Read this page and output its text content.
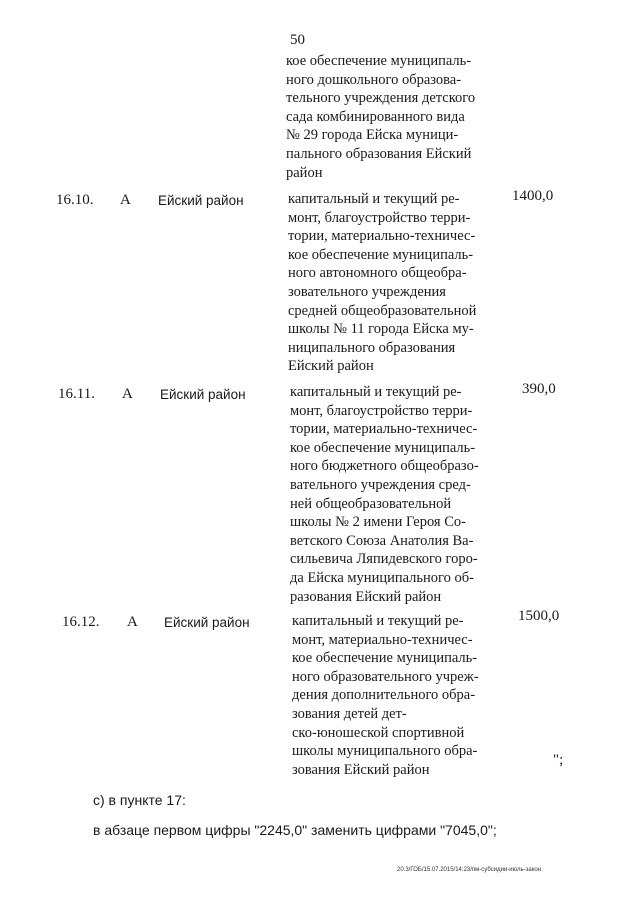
50
кое обеспечение муниципаль-
ного дошкольного образова-
тельного учреждения детского
сада комбинированного вида
№ 29 города Ейска муници-
пального образования Ейский
район
16.10. А Ейский район	капитальный и текущий ре-
монт, благоустройство терри-
тории, материально-техничес-
кое обеспечение муниципаль-
ного автономного общеобра-
зовательного учреждения
средней общеобразовательной
школы № 11 города Ейска му-
ниципального образования
Ейский район
1400,0
16.11. А Ейский район	капитальный и текущий ре-
монт, благоустройство терри-
тории, материально-техничес-
кое обеспечение муниципаль-
ного бюджетного общеобразо-
вательного учреждения сред-
ней общеобразовательной
школы № 2 имени Героя Со-
ветского Союза Анатолия Ва-
сильевича Ляпидевского горо-
да Ейска муниципального об-
разования Ейский район
390,0
16.12. А Ейский район	капитальный и текущий ре-
монт, материально-техничес-
кое обеспечение муниципаль-
ного образовательного учреж-
дения дополнительного обра-
зования детей дет-
ско-юношеской спортивной
школы муниципального обра-
зования Ейский район
1500,0
";
с) в пункте 17:
в абзаце первом цифры "2245,0" заменить цифрами "7045,0";
20.3/ГОБ/15.07.2015/14:23/пм-субсидии-июль-закон
